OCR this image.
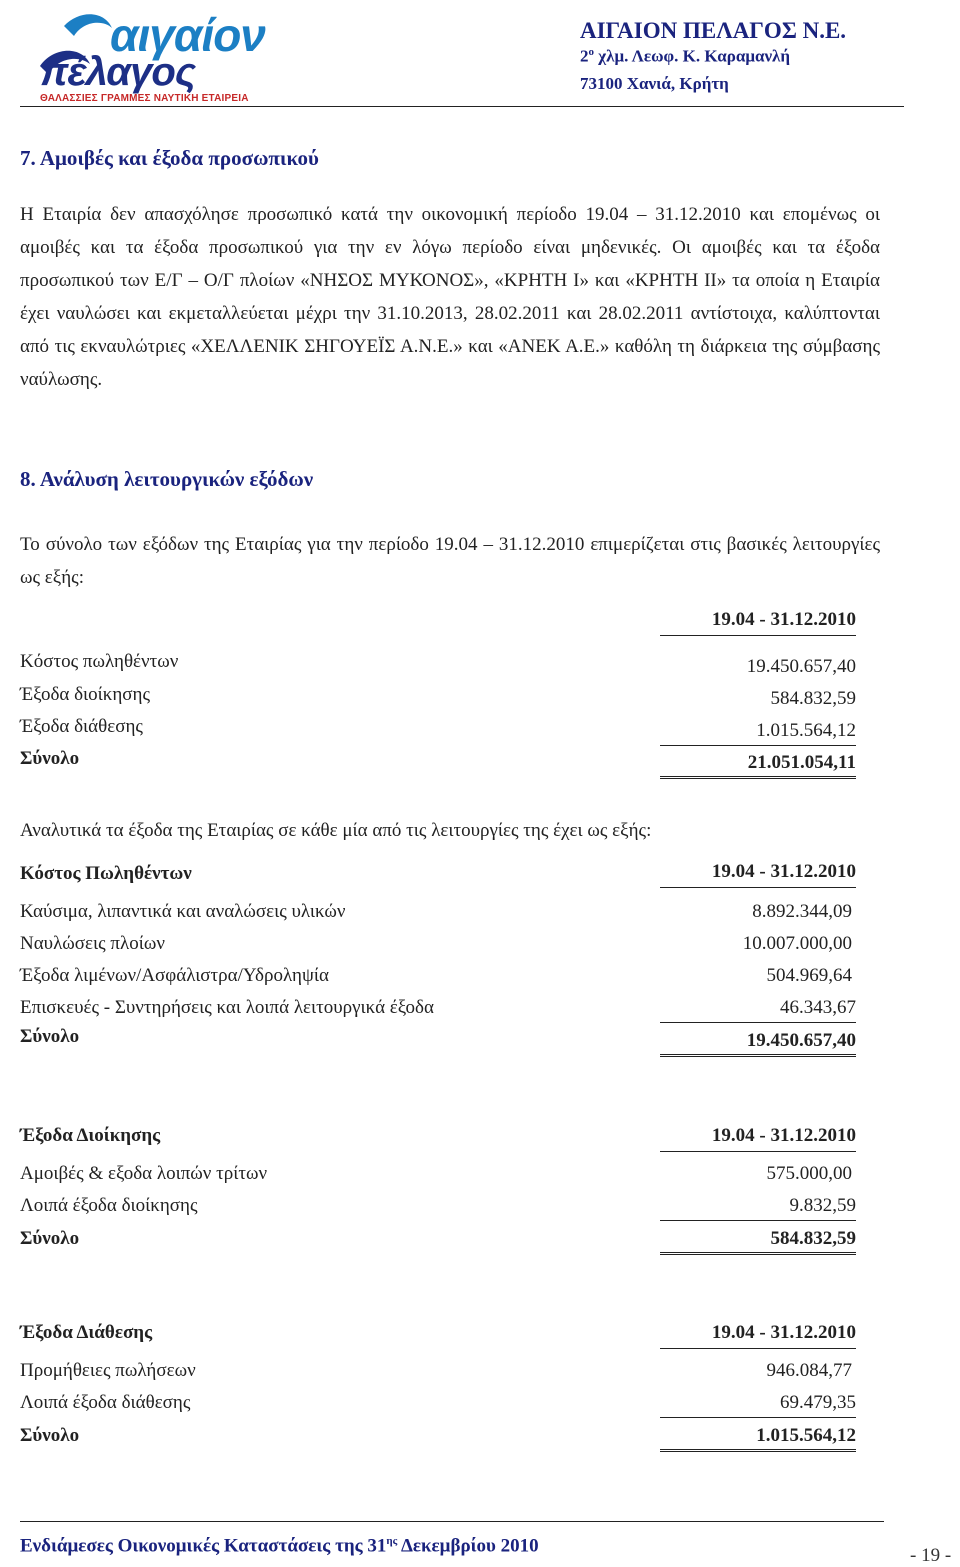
αιγαίον
πέλαγος
ΘΑΛΑΣΣΙΕΣ ΓΡΑΜΜΕΣ ΝΑΥΤΙΚΗ ΕΤΑΙΡΕΙΑ
ΑΙΓΑΙΟΝ ΠΕΛΑΓΟΣ Ν.Ε.
$2^o$ χλμ. Λεωφ. Κ. Καραμανλή
73100 Χανιά, Κρήτη
7. Αμοιβές και έξοδα προσωπικού
Η Εταιρία δεν απασχόλησε προσωπικό κατά την οικονομική περίοδο 19.04 – 31.12.2010 και επομένως οι αμοιβές και τα έξοδα προσωπικού για την εν λόγω περίοδο είναι μηδενικές. Οι αμοιβές και τα έξοδα προσωπικού των Ε/Γ – Ο/Γ πλοίων «ΝΗΣΟΣ ΜΥΚΟΝΟΣ», «ΚΡΗΤΗ Ι» και «ΚΡΗΤΗ ΙΙ» τα οποία η Εταιρία έχει ναυλώσει και εκμεταλλεύεται μέχρι την 31.10.2013, 28.02.2011 και 28.02.2011 αντίστοιχα, καλύπτονται από τις εκναυλώτριες «ΧΕΛΛΕΝΙΚ ΣΗΓΟΥΕΪΣ Α.Ν.Ε.» και «ΑΝΕΚ Α.Ε.» καθόλη τη διάρκεια της σύμβασης ναύλωσης.
8. Ανάλυση λειτουργικών εξόδων
Το σύνολο των εξόδων της Εταιρίας για την περίοδο 19.04 – 31.12.2010 επιμερίζεται στις βασικές λειτουργίες ως εξής:
19.04 - 31.12.2010
Κόστος πωληθέντων	19.450.657,40
Έξοδα διοίκησης	584.832,59
Έξοδα διάθεσης	1.015.564,12
Σύνολο	21.051.054,11
Αναλυτικά τα έξοδα της Εταιρίας σε κάθε μία από τις λειτουργίες της έχει ως εξής:
Κόστος Πωληθέντων	19.04 - 31.12.2010
Καύσιμα, λιπαντικά και αναλώσεις υλικών	8.892.344,09
Ναυλώσεις πλοίων	10.007.000,00
Έξοδα λιμένων/Ασφάλιστρα/Υδροληψία	504.969,64
Επισκευές - Συντηρήσεις και λοιπά λειτουργικά έξοδα	46.343,67
Σύνολο	19.450.657,40
Έξοδα Διοίκησης	19.04 - 31.12.2010
Αμοιβές & εξοδα λοιπών τρίτων	575.000,00
Λοιπά έξοδα διοίκησης	9.832,59
Σύνολο	584.832,59
Έξοδα Διάθεσης	19.04 - 31.12.2010
Προμήθειες πωλήσεων	946.084,77
Λοιπά έξοδα διάθεσης	69.479,35
Σύνολο	1.015.564,12
Ενδιάμεσες Οικονομικές Καταστάσεις της $31^{\eta\varsigma}$ Δεκεμβρίου 2010	- 19 -
